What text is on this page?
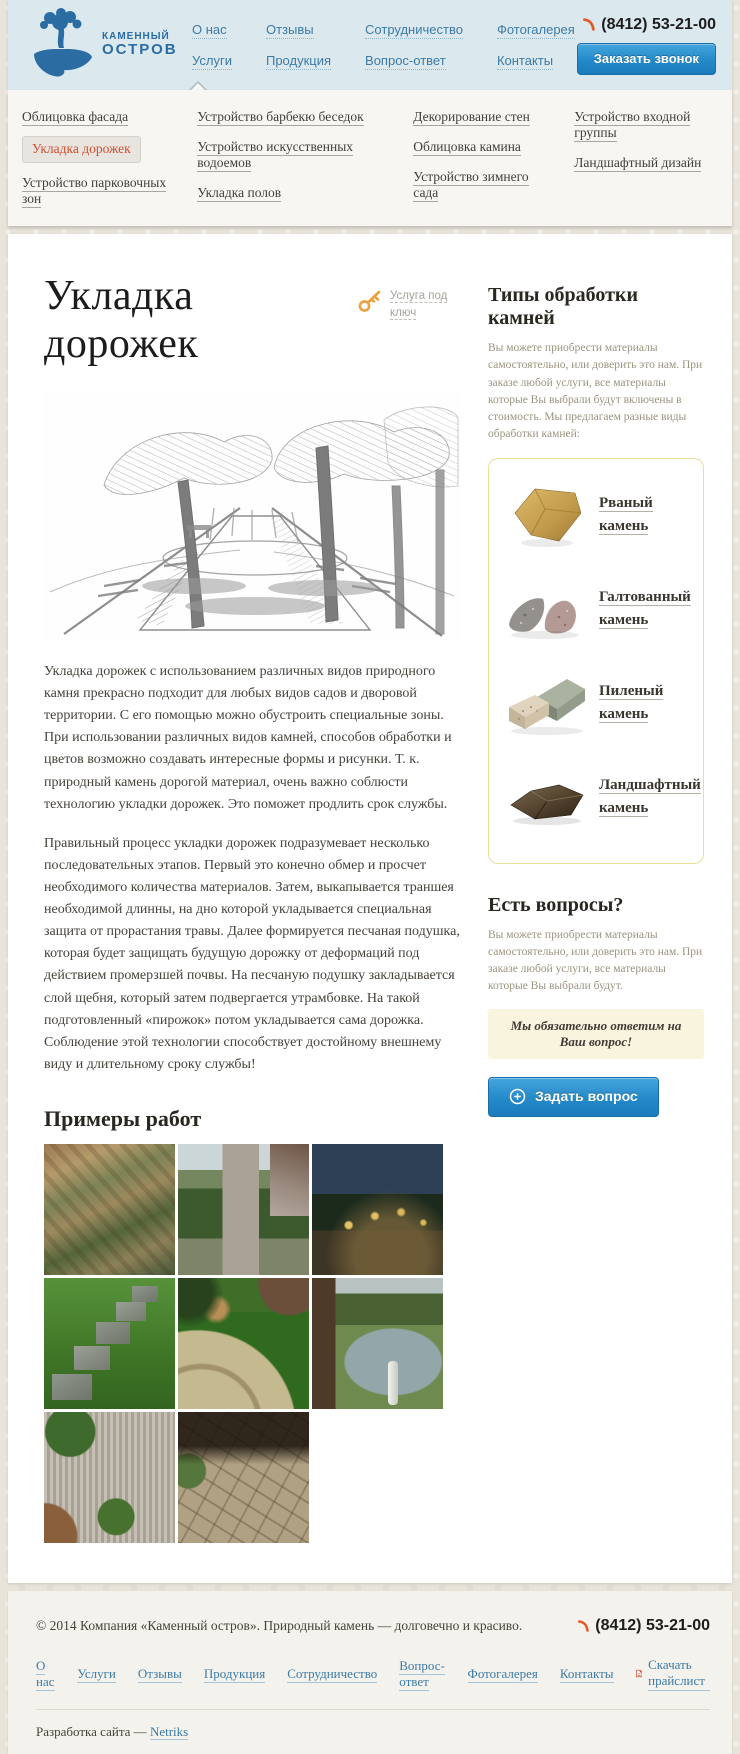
КАМЕННЫЙ
ОСТРОВ
О нас
Услуги
Отзывы
Продукция
Сотрудничество
Вопрос-ответ
Фотогалерея
Контакты
(8412) 53-21-00
Заказать звонок
Облицовка фасада
Укладка дорожек
Устройство парковочных зон
Устройство барбекю беседок
Устройство искусственных водоемов
Укладка полов
Декорирование стен
Облицовка камина
Устройство зимнего сада
Устройство входной группы
Ландшафтный дизайн
Укладка дорожек
Услуга под ключ

Укладка дорожек с использованием различных видов природного камня прекрасно подходит для любых видов садов и дворовой территории. С его помощью можно обустроить специальные зоны. При использовании различных видов камней, способов обработки и цветов возможно создавать интересные формы и рисунки. Т. к. природный камень дорогой материал, очень важно соблюсти технологию укладки дорожек. Это поможет продлить срок службы.

Правильный процесс укладки дорожек подразумевает несколько последовательных этапов. Первый это конечно обмер и просчет необходимого количества материалов. Затем, выкапывается траншея необходимой длинны, на дно которой укладывается специальная защита от прорастания травы. Далее формируется песчаная подушка, которая будет защищать будущую дорожку от деформаций под действием промерзшей почвы. На песчаную подушку закладывается слой щебня, который затем подвергается утрамбовке. На такой подготовленный «пирожок» потом укладывается сама дорожка. Соблюдение этой технологии способствует достойному внешнему виду и длительному сроку службы!

Примеры работ
Типы обработки камней

Вы можете приобрести материалы самостоятельно, или доверить это нам. При заказе любой услуги, все материалы которые Вы выбрали будут включены в стоимость. Мы предлагаем разные виды обработки камней:

Рваный камень
Галтованный камень
Пиленый камень
Ландшафтный камень
Есть вопросы?

Вы можете приобрести материалы самостоятельно, или доверить это нам. При заказе любой услуги, все материалы которые Вы выбрали будут.

Мы обязательно ответим на Ваш вопрос!
Задать вопрос
© 2014 Компания «Каменный остров». Природный камень — долговечно и красиво.	(8412) 53-21-00
О нас
Услуги Отзывы Продукция Сотрудничество
Вопрос-ответ
Фотогалерея Контакты
Скачать прайслист
Разработка сайта — Netriks
